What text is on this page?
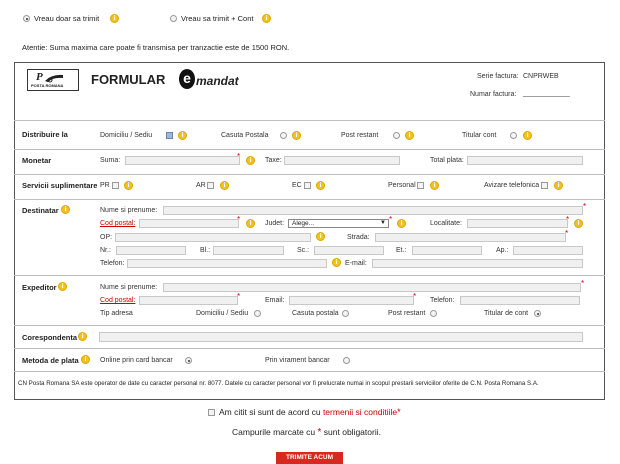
Vreau doar sa trimit	i	Vreau sa trimit + Cont	i
Atentie: Suma maxima care poate fi transmisa per tranzactie este de 1500 RON.
P
POSTA ROMANA FORMULAR e mandat	Serie factura: CNPRWEB
Numar factura: ____________
Distribuire la	Domiciliu / Sediu	i	Casuta Postala	i	Post restant	i	Titular cont	i
Monetar	Suma:	*	i	Taxe:	Total plata:
Servicii suplimentare PR	i	AR	i	EC	i	Personal	i	Avizare telefonica	i
Destinatar i	Nume si prenume:	*
Cod postal:	*	i	Judet: Alege...	▼ *	i	Localitate:	*	i
OP:	i	Strada:	*
Nr.:	Bl.:	Sc.:	Et.:	Ap.:
Telefon:	i	E-mail:
Expeditor i	Nume si prenume:	*
Cod postal:	*	Email:	* Telefon:
Tip adresa	Domiciliu / Sediu	Casuta postala	Post restant	Titular de cont
Corespondenta i
Metoda de plata i	Online prin card bancar	Prin virament bancar
CN Posta Romana SA este operator de date cu caracter personal nr. 8077. Datele cu caracter personal vor fi prelucrate numai in scopul prestarii serviciilor oferite de C.N. Posta Romana S.A.
Am citit si sunt de acord cu termenii si conditiile*
Campurile marcate cu * sunt obligatorii.
TRIMITE ACUM
